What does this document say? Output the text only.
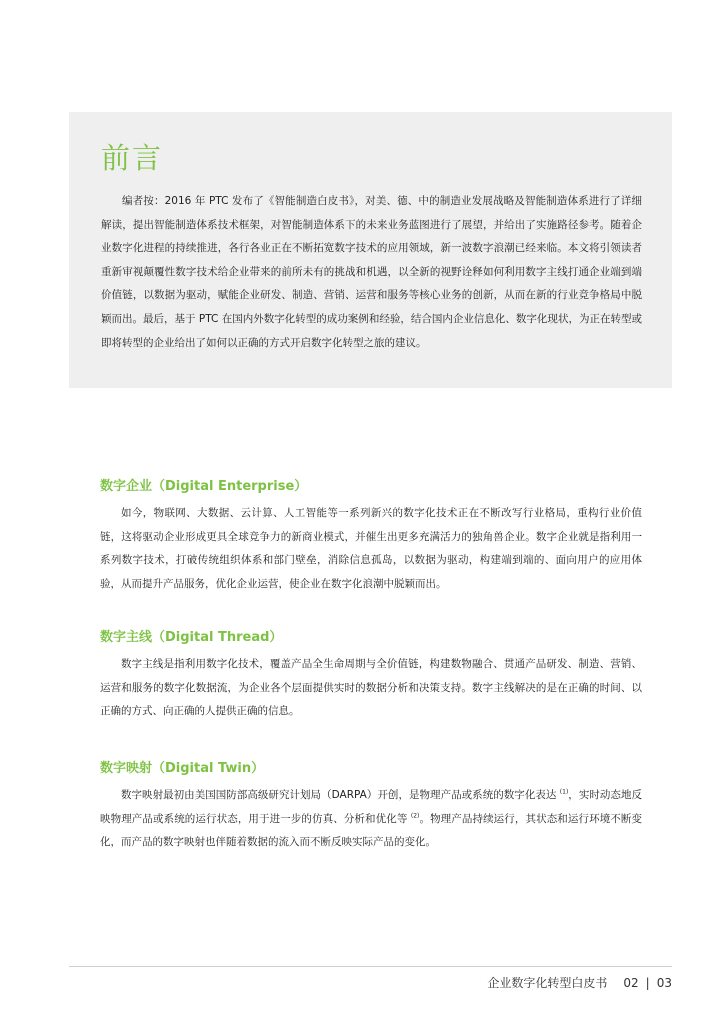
前言

编者按：2016 年 PTC 发布了《智能制造白皮书》，对美、德、中的制造业发展战略及智能制造体系进行了详细解读，提出智能制造体系技术框架，对智能制造体系下的未来业务蓝图进行了展望，并给出了实施路径参考。随着企业数字化进程的持续推进，各行各业正在不断拓宽数字技术的应用领域，新一波数字浪潮已经来临。本文将引领读者重新审视颠覆性数字技术给企业带来的前所未有的挑战和机遇，以全新的视野诠释如何利用数字主线打通企业端到端价值链，以数据为驱动，赋能企业研发、制造、营销、运营和服务等核心业务的创新，从而在新的行业竞争格局中脱颖而出。最后，基于 PTC 在国内外数字化转型的成功案例和经验，结合国内企业信息化、数字化现状，为正在转型或即将转型的企业给出了如何以正确的方式开启数字化转型之旅的建议。

数字企业（Digital Enterprise）

如今，物联网、大数据、云计算、人工智能等一系列新兴的数字化技术正在不断改写行业格局，重构行业价值链，这将驱动企业形成更具全球竞争力的新商业模式，并催生出更多充满活力的独角兽企业。数字企业就是指利用一系列数字技术，打破传统组织体系和部门壁垒，消除信息孤岛，以数据为驱动，构建端到端的、面向用户的应用体验，从而提升产品服务，优化企业运营，使企业在数字化浪潮中脱颖而出。

数字主线（Digital Thread）

数字主线是指利用数字化技术，覆盖产品全生命周期与全价值链，构建数物融合、贯通产品研发、制造、营销、运营和服务的数字化数据流，为企业各个层面提供实时的数据分析和决策支持。数字主线解决的是在正确的时间、以正确的方式、向正确的人提供正确的信息。

数字映射（Digital Twin）

数字映射最初由美国国防部高级研究计划局（DARPA）开创，是物理产品或系统的数字化表达 $^{(1)}$，实时动态地反映物理产品或系统的运行状态，用于进一步的仿真、分析和优化等 $^{(2)}$。物理产品持续运行，其状态和运行环境不断变化，而产品的数字映射也伴随着数据的流入而不断反映实际产品的变化。

企业数字化转型白皮书 02 | 03
